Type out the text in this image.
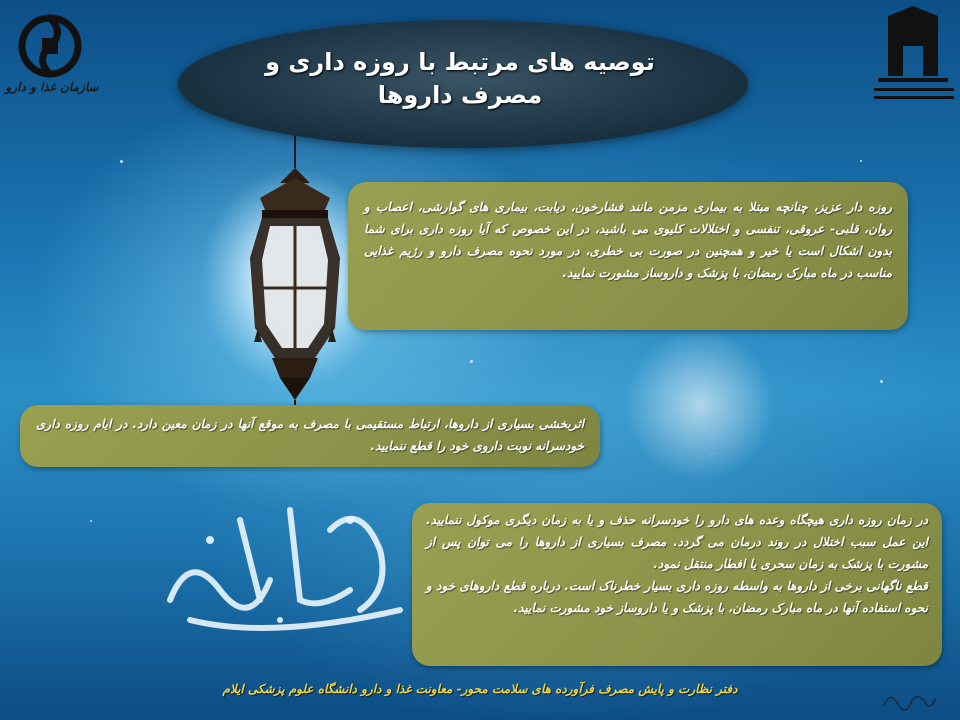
سازمان غذا و دارو
توصیه های مرتبط با روزه داری و
مصرف داروها
روزه دار عزیز، چنانچه مبتلا به بیماری مزمن مانند فشارخون، دیابت، بیماری های گوارشی، اعصاب و روان، قلبی- عروقی، تنفسی و اختلالات کلیوی می باشید، در این خصوص که آیا روزه داری برای شما بدون اشکال است یا خیر و همچنین در صورت بی خطری، در مورد نحوه مصرف دارو و رژیم غذایی مناسب در ماه مبارک رمضان، با پزشک و داروساز مشورت نمایید.
اثربخشی بسیاری از داروها، ارتباط مستقیمی با مصرف به موقع آنها در زمان معین دارد. در ایام روزه داری خودسرانه نوبت داروی خود را قطع ننمایید.

در زمان روزه داری هیچگاه وعده های دارو را خودسرانه حذف و یا به زمان دیگری موکول ننمایید. این عمل سبب اختلال در روند درمان می گردد. مصرف بسیاری از داروها را می توان پس از مشورت با پزشک به زمان سحری یا افطار منتقل نمود.

قطع ناگهانی برخی از داروها به واسطه روزه داری بسیار خطرناک است. درباره قطع داروهای خود و نحوه استفاده آنها در ماه مبارک رمضان، با پزشک و یا داروساز خود مشورت نمایید.

دفتر نظارت و پایش مصرف فرآورده های سلامت محور- معاونت غذا و دارو دانشگاه علوم پزشکی ایلام
